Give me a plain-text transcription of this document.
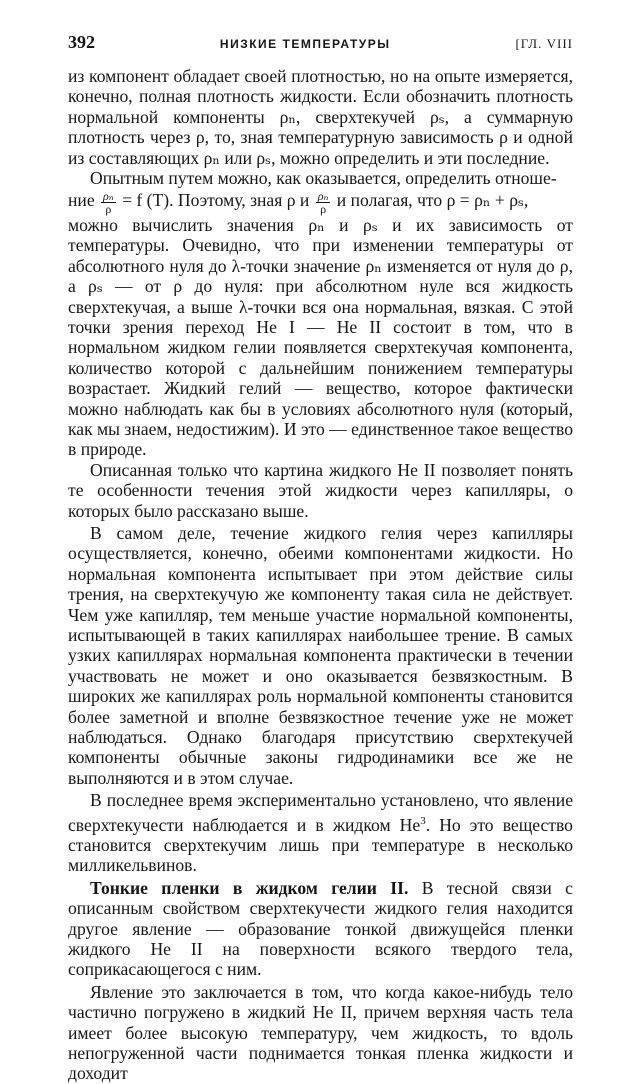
392	НИЗКИЕ ТЕМПЕРАТУРЫ	[ГЛ. VIII

из компонент обладает своей плотностью, но на опыте измеряется, конечно, полная плотность жидкости. Если обозначить плотность нормальной компоненты ρₙ, сверхтекучей ρₛ, а суммарную плотность через ρ, то, зная температурную зависимость ρ и одной из составляющих ρₙ или ρₛ, можно определить и эти последние.

Опытным путем можно, как оказывается, определить отноше-

ние $\frac{\text{ρₙ}}{\rho} = f$ (T). Поэтому, зная ρ и $\frac{\text{ρₙ}}{\rho}$ и полагая, что ρ = ρₙ + ρₛ,

можно вычислить значения ρₙ и ρₛ и их зависимость от температуры. Очевидно, что при изменении температуры от абсолютного нуля до λ-точки значение ρₙ изменяется от нуля до ρ, а ρₛ — от ρ до нуля: при абсолютном нуле вся жидкость сверхтекучая, а выше λ-точки вся она нормальная, вязкая. С этой точки зрения переход He I — He II состоит в том, что в нормальном жидком гелии появляется сверхтекучая компонента, количество которой с дальнейшим понижением температуры возрастает. Жидкий гелий — вещество, которое фактически можно наблюдать как бы в условиях абсолютного нуля (который, как мы знаем, недостижим). И это — единственное такое вещество в природе.

Описанная только что картина жидкого He II позволяет понять те особенности течения этой жидкости через капилляры, о которых было рассказано выше.

В самом деле, течение жидкого гелия через капилляры осуществляется, конечно, обеими компонентами жидкости. Но нормальная компонента испытывает при этом действие силы трения, на сверхтекучую же компоненту такая сила не действует. Чем уже капилляр, тем меньше участие нормальной компоненты, испытывающей в таких капиллярах наибольшее трение. В самых узких капиллярах нормальная компонента практически в течении участвовать не может и оно оказывается безвязкостным. В широких же капиллярах роль нормальной компоненты становится более заметной и вполне безвязкостное течение уже не может наблюдаться. Однако благодаря присутствию сверхтекучей компоненты обычные законы гидродинамики все же не выполняются и в этом случае.

В последнее время экспериментально установлено, что явление сверхтекучести наблюдается и в жидком He$^3$. Но это вещество становится сверхтекучим лишь при температуре в несколько милликельвинов.

Тонкие пленки в жидком гелии II. В тесной связи с описанным свойством сверхтекучести жидкого гелия находится другое явление — образование тонкой движущейся пленки жидкого He II на поверхности всякого твердого тела, соприкасающегося с ним.

Явление это заключается в том, что когда какое-нибудь тело частично погружено в жидкий He II, причем верхняя часть тела имеет более высокую температуру, чем жидкость, то вдоль непогруженной части поднимается тонкая пленка жидкости и доходит
